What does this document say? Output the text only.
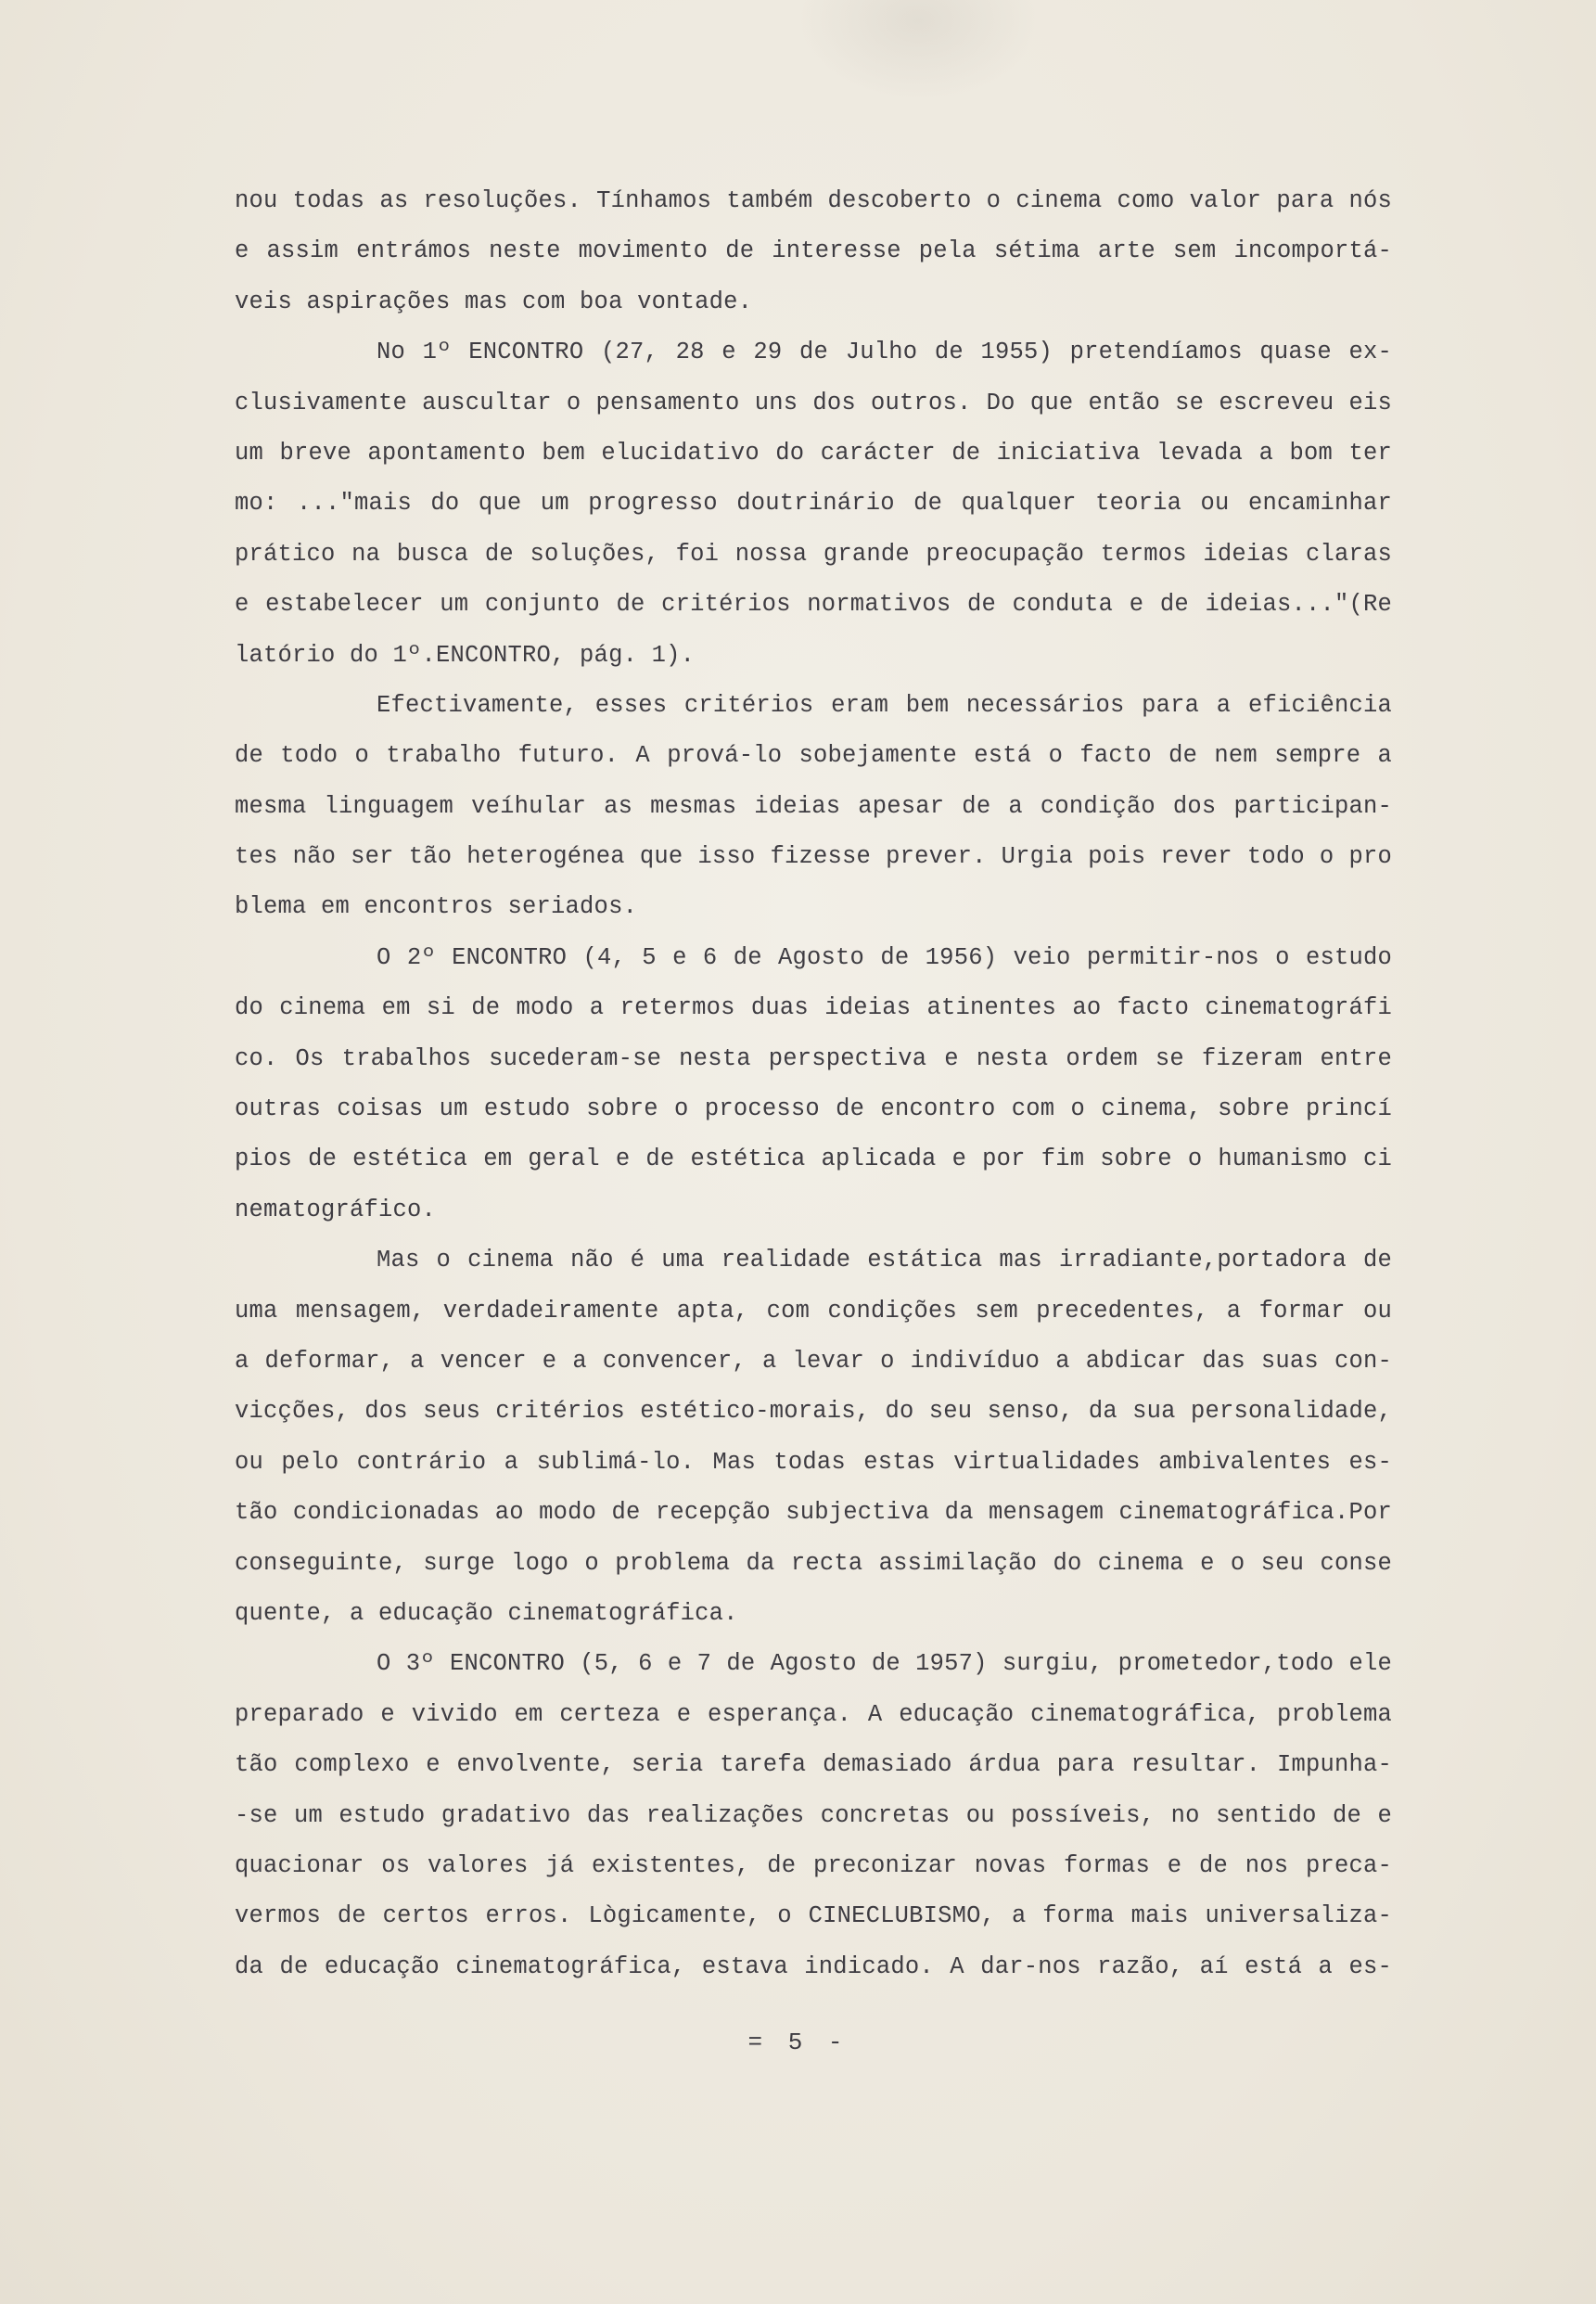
nou todas as resoluções. Tínhamos também descoberto o cinema como valor para nós
e assim entrámos neste movimento de interesse pela sétima arte sem incomportá-
veis aspirações mas com boa vontade.
No 1º ENCONTRO (27, 28 e 29 de Julho de 1955) pretendíamos quase ex-
clusivamente auscultar o pensamento uns dos outros. Do que então se escreveu eis
um breve apontamento bem elucidativo do carácter de iniciativa levada a bom ter
mo: ..."mais do que um progresso doutrinário de qualquer teoria ou encaminhar
prático na busca de soluções, foi nossa grande preocupação termos ideias claras
e estabelecer um conjunto de critérios normativos de conduta e de ideias..."(Re
latório do 1º.ENCONTRO, pág. 1).
Efectivamente, esses critérios eram bem necessários para a eficiência
de todo o trabalho futuro. A prová-lo sobejamente está o facto de nem sempre a
mesma linguagem veíhular as mesmas ideias apesar de a condição dos participan-
tes não ser tão heterogénea que isso fizesse prever. Urgia pois rever todo o pro
blema em encontros seriados.
O 2º ENCONTRO (4, 5 e 6 de Agosto de 1956) veio permitir-nos o estudo
do cinema em si de modo a retermos duas ideias atinentes ao facto cinematográfi
co. Os trabalhos sucederam-se nesta perspectiva e nesta ordem se fizeram entre
outras coisas um estudo sobre o processo de encontro com o cinema, sobre princí
pios de estética em geral e de estética aplicada e por fim sobre o humanismo ci
nematográfico.
Mas o cinema não é uma realidade estática mas irradiante,portadora de
uma mensagem, verdadeiramente apta, com condições sem precedentes, a formar ou
a deformar, a vencer e a convencer, a levar o indivíduo a abdicar das suas con-
vicções, dos seus critérios estético-morais, do seu senso, da sua personalidade,
ou pelo contrário a sublimá-lo. Mas todas estas virtualidades ambivalentes es-
tão condicionadas ao modo de recepção subjectiva da mensagem cinematográfica.Por
conseguinte, surge logo o problema da recta assimilação do cinema e o seu conse
quente, a educação cinematográfica.
O 3º ENCONTRO (5, 6 e 7 de Agosto de 1957) surgiu, prometedor,todo ele
preparado e vivido em certeza e esperança. A educação cinematográfica, problema
tão complexo e envolvente, seria tarefa demasiado árdua para resultar. Impunha-
-se um estudo gradativo das realizações concretas ou possíveis, no sentido de e
quacionar os valores já existentes, de preconizar novas formas e de nos preca-
vermos de certos erros. Lògicamente, o CINECLUBISMO, a forma mais universaliza-
da de educação cinematográfica, estava indicado. A dar-nos razão, aí está a es-
= 5 -
